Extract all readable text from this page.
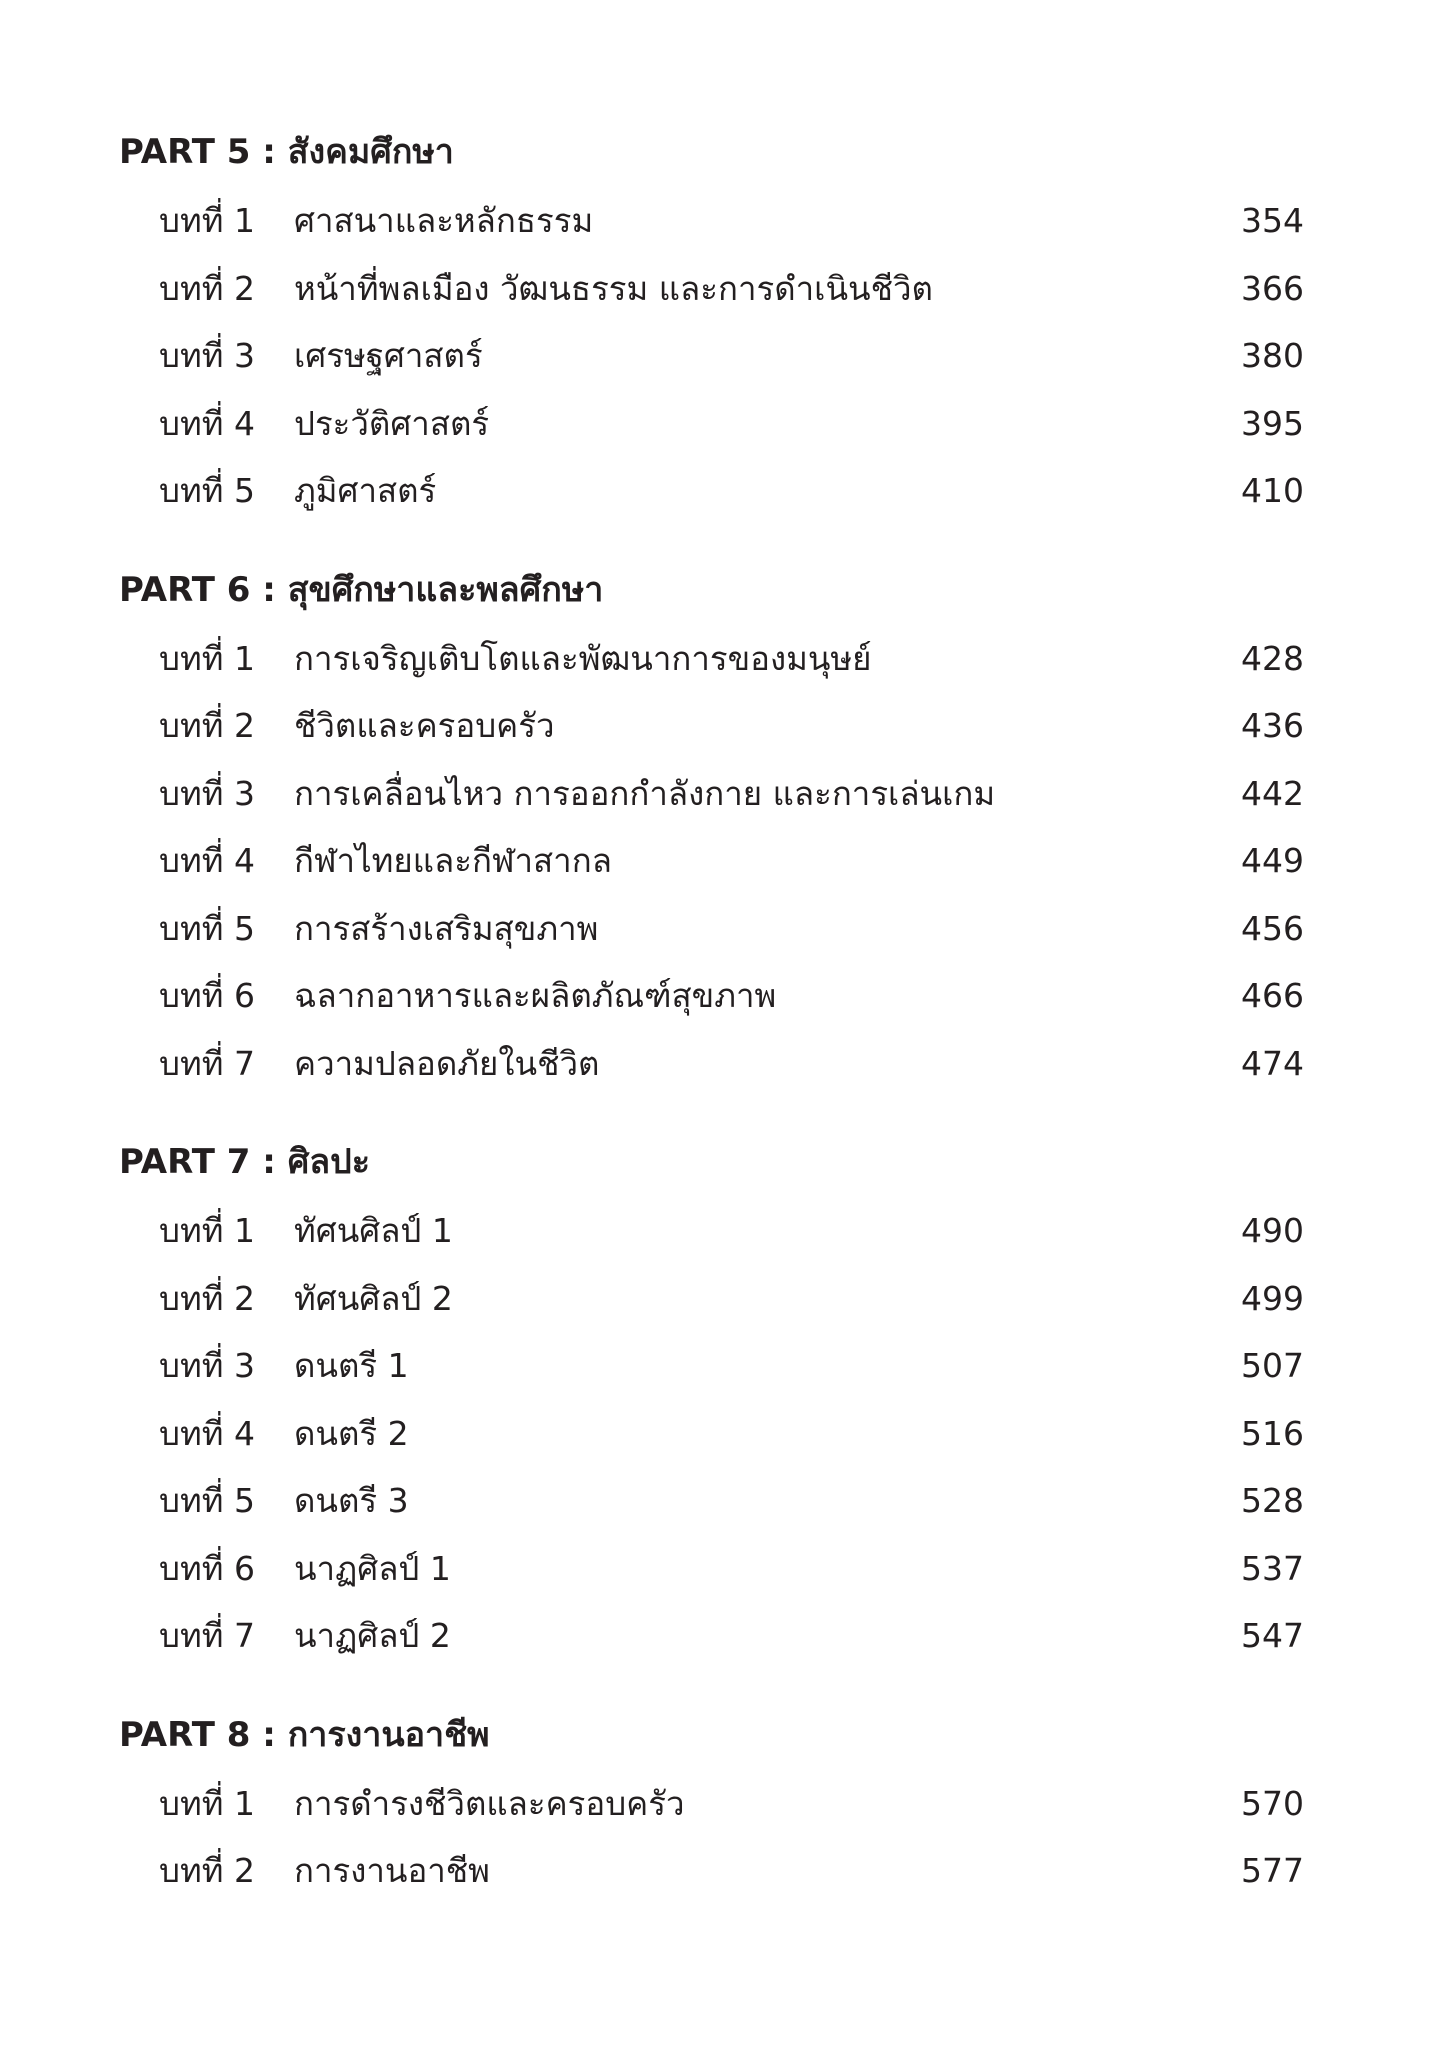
PART 5 : สังคมศึกษา
บทที่ 1 ศาสนาและหลักธรรม	354
บทที่ 2 หน้าที่พลเมือง วัฒนธรรม และการดำเนินชีวิต	366
บทที่ 3 เศรษฐศาสตร์	380
บทที่ 4 ประวัติศาสตร์	395
บทที่ 5 ภูมิศาสตร์	410
PART 6 : สุขศึกษาและพลศึกษา
บทที่ 1 การเจริญเติบโตและพัฒนาการของมนุษย์	428
บทที่ 2 ชีวิตและครอบครัว	436
บทที่ 3 การเคลื่อนไหว การออกกำลังกาย และการเล่นเกม	442
บทที่ 4 กีฬาไทยและกีฬาสากล	449
บทที่ 5 การสร้างเสริมสุขภาพ	456
บทที่ 6 ฉลากอาหารและผลิตภัณฑ์สุขภาพ	466
บทที่ 7 ความปลอดภัยในชีวิต	474
PART 7 : ศิลปะ
บทที่ 1 ทัศนศิลป์ 1	490
บทที่ 2 ทัศนศิลป์ 2	499
บทที่ 3 ดนตรี 1	507
บทที่ 4 ดนตรี 2	516
บทที่ 5 ดนตรี 3	528
บทที่ 6 นาฏศิลป์ 1	537
บทที่ 7 นาฏศิลป์ 2	547
PART 8 : การงานอาชีพ
บทที่ 1 การดำรงชีวิตและครอบครัว	570
บทที่ 2 การงานอาชีพ	577
